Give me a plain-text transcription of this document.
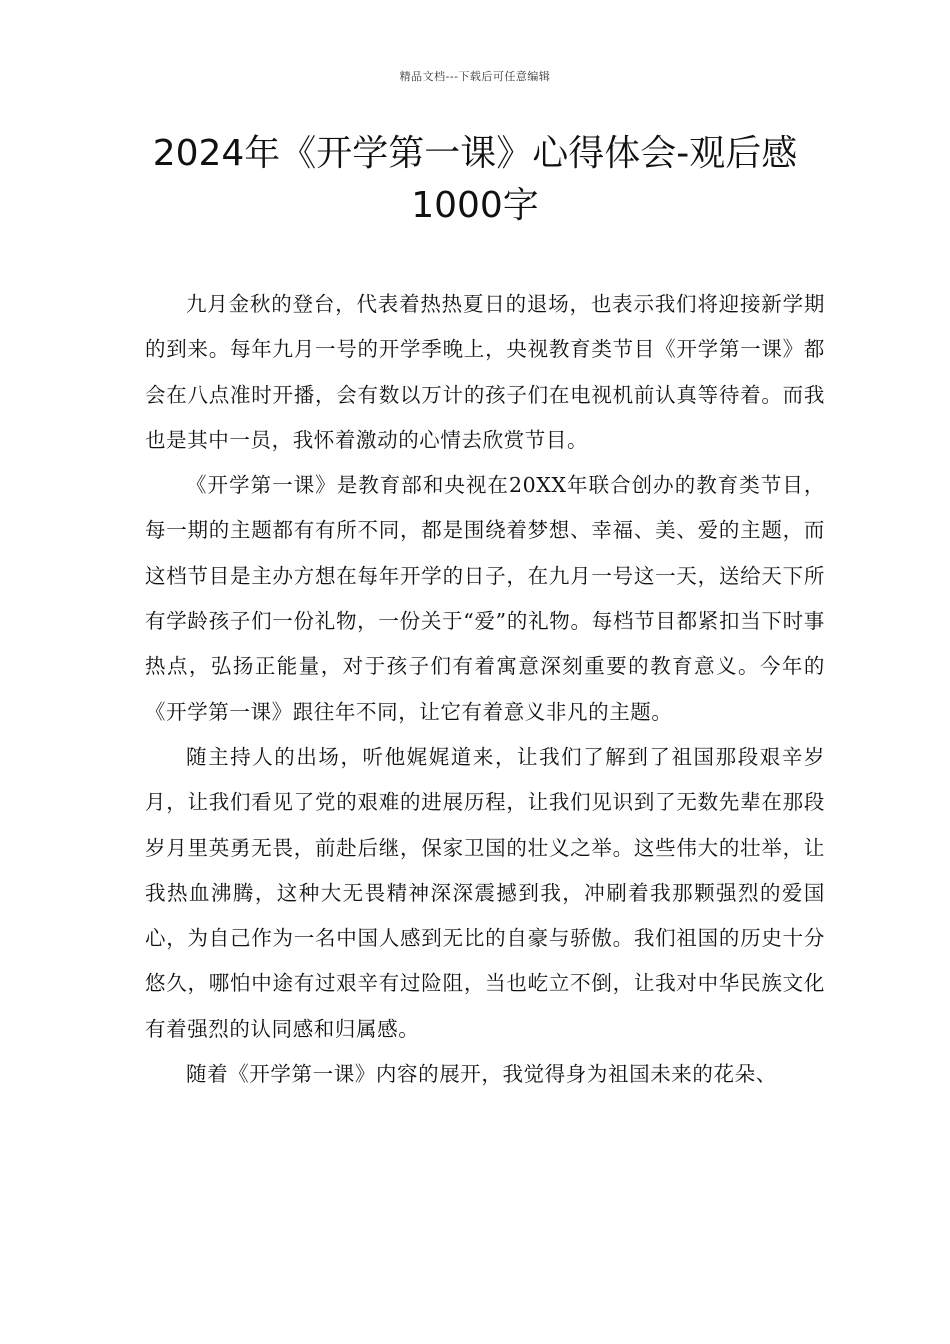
精品文档---下载后可任意编辑
2024年《开学第一课》心得体会-观后感1000字

九月金秋的登台，代表着热热夏日的退场，也表示我们将迎接新学期的到来。每年九月一号的开学季晚上，央视教育类节目《开学第一课》都会在八点准时开播，会有数以万计的孩子们在电视机前认真等待着。而我也是其中一员，我怀着激动的心情去欣赏节目。

《开学第一课》是教育部和央视在20XX年联合创办的教育类节目，每一期的主题都有有所不同，都是围绕着梦想、幸福、美、爱的主题，而这档节目是主办方想在每年开学的日子，在九月一号这一天，送给天下所有学龄孩子们一份礼物，一份关于“爱”的礼物。每档节目都紧扣当下时事热点，弘扬正能量，对于孩子们有着寓意深刻重要的教育意义。今年的《开学第一课》跟往年不同，让它有着意义非凡的主题。

随主持人的出场，听他娓娓道来，让我们了解到了祖国那段艰辛岁月，让我们看见了党的艰难的进展历程，让我们见识到了无数先辈在那段岁月里英勇无畏，前赴后继，保家卫国的壮义之举。这些伟大的壮举，让我热血沸腾，这种大无畏精神深深震撼到我，冲刷着我那颗强烈的爱国心，为自己作为一名中国人感到无比的自豪与骄傲。我们祖国的历史十分悠久，哪怕中途有过艰辛有过险阻，当也屹立不倒，让我对中华民族文化有着强烈的认同感和归属感。

随着《开学第一课》内容的展开，我觉得身为祖国未来的花朵、
